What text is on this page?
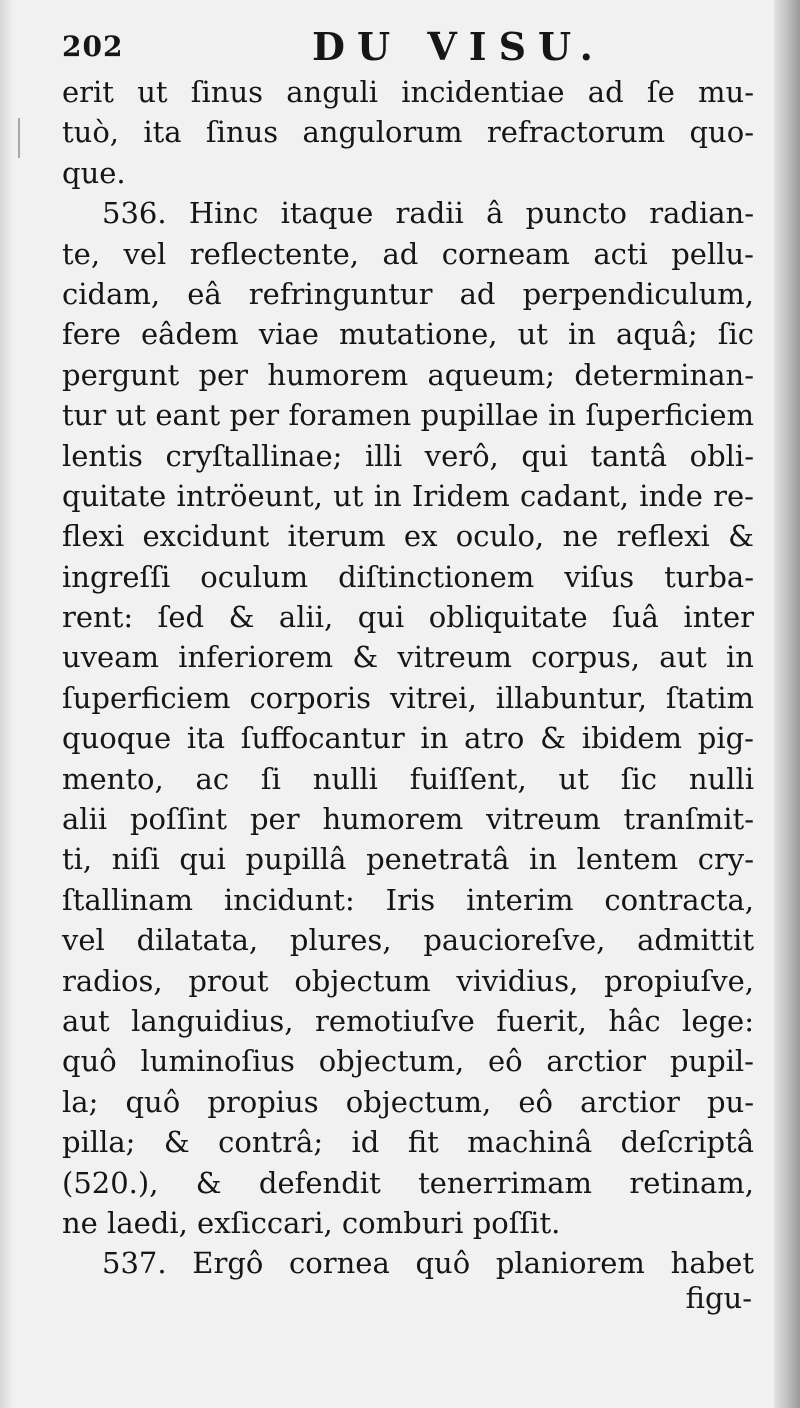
202	DU VISU.
erit ut ſinus anguli incidentiae ad ſe mu-
tuò, ita ſinus angulorum refractorum quo-
que.
536. Hinc itaque radii â puncto radian-
te, vel reflectente, ad corneam acti pellu-
cidam, eâ refringuntur ad perpendiculum,
fere eâdem viae mutatione, ut in aquâ; ſic
pergunt per humorem aqueum; determinan-
tur ut eant per foramen pupillae in ſuperficiem
lentis cryſtallinae; illi verô, qui tantâ obli-
quitate intröeunt, ut in Iridem cadant, inde re-
flexi excidunt iterum ex oculo, ne reflexi &
ingreſſi oculum diſtinctionem viſus turba-
rent: ſed & alii, qui obliquitate ſuâ inter
uveam inferiorem & vitreum corpus, aut in
ſuperficiem corporis vitrei, illabuntur, ſtatim
quoque ita ſuffocantur in atro & ibidem pig-
mento, ac ſi nulli fuiſſent, ut ſic nulli
alii poſſint per humorem vitreum tranſmit-
ti, niſi qui pupillâ penetratâ in lentem cry-
ſtallinam incidunt: Iris interim contracta,
vel dilatata, plures, paucioreſve, admittit
radios, prout objectum vividius, propiuſve,
aut languidius, remotiuſve fuerit, hâc lege:
quô luminoſius objectum, eô arctior pupil-
la; quô propius objectum, eô arctior pu-
pilla; & contrâ; id fit machinâ deſcriptâ
(520.), & defendit tenerrimam retinam,
ne laedi, exſiccari, comburi poſſit.
537. Ergô cornea quô planiorem habet
figu-
